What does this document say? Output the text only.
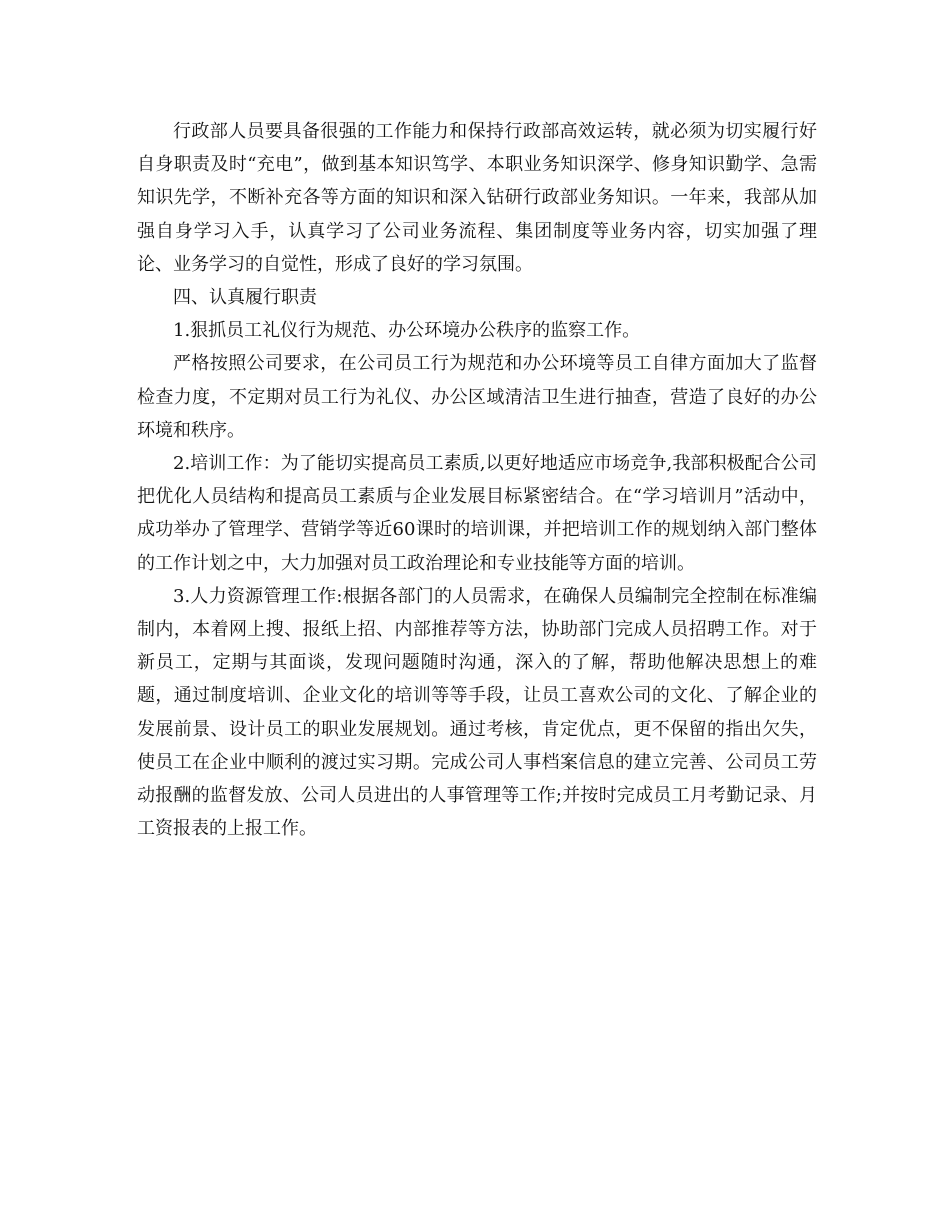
行政部人员要具备很强的工作能力和保持行政部高效运转，就必须为切实履行好自身职责及时“充电”，做到基本知识笃学、本职业务知识深学、修身知识勤学、急需知识先学，不断补充各等方面的知识和深入钻研行政部业务知识。一年来，我部从加强自身学习入手，认真学习了公司业务流程、集团制度等业务内容，切实加强了理论、业务学习的自觉性，形成了良好的学习氛围。

四、认真履行职责

1.狠抓员工礼仪行为规范、办公环境办公秩序的监察工作。

严格按照公司要求，在公司员工行为规范和办公环境等员工自律方面加大了监督检查力度，不定期对员工行为礼仪、办公区域清洁卫生进行抽查，营造了良好的办公环境和秩序。

2.培训工作：为了能切实提高员工素质,以更好地适应市场竞争,我部积极配合公司把优化人员结构和提高员工素质与企业发展目标紧密结合。在“学习培训月”活动中，成功举办了管理学、营销学等近60课时的培训课，并把培训工作的规划纳入部门整体的工作计划之中，大力加强对员工政治理论和专业技能等方面的培训。

3.人力资源管理工作:根据各部门的人员需求，在确保人员编制完全控制在标准编制内，本着网上搜、报纸上招、内部推荐等方法，协助部门完成人员招聘工作。对于新员工，定期与其面谈，发现问题随时沟通，深入的了解，帮助他解决思想上的难题，通过制度培训、企业文化的培训等等手段，让员工喜欢公司的文化、了解企业的发展前景、设计员工的职业发展规划。通过考核，肯定优点，更不保留的指出欠失，使员工在企业中顺利的渡过实习期。完成公司人事档案信息的建立完善、公司员工劳动报酬的监督发放、公司人员进出的人事管理等工作;并按时完成员工月考勤记录、月工资报表的上报工作。
